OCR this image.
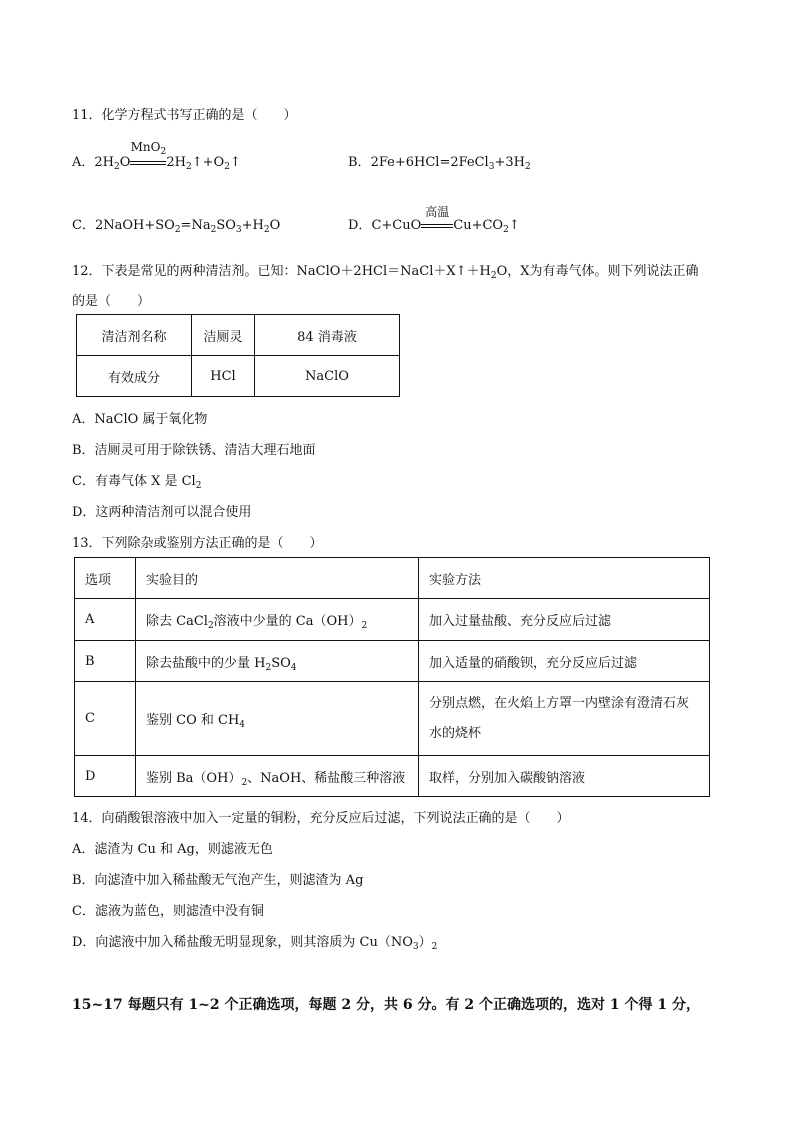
11．化学方程式书写正确的是（　　）
A．$2H_2O$
MnO$_2$
$2H_2↑+O_2↑$	B．$2Fe+6HCl=2FeCl_3+3H_2$
C．$2NaOH+SO_2=Na_2SO_3+H_2O$	D．C+CuO
高温
$Cu+CO_2↑$
12．下表是常见的两种清洁剂。已知：$NaClO+2HCl=NaCl+X↑+H_2O$，X为有毒气体。则下列说法正确
的是（　　）
清洁剂名称	洁厕灵	84 消毒液
有效成分	HCl	NaClO
A．NaClO 属于氧化物
B．洁厕灵可用于除铁锈、清洁大理石地面
C．有毒气体 X 是 $Cl_2$
D．这两种清洁剂可以混合使用
13．下列除杂或鉴别方法正确的是（　　）
选项	实验目的	实验方法
A	除去 CaCl$_2$溶液中少量的 $Ca(OH)_2$	加入过量盐酸、充分反应后过滤
B	除去盐酸中的少量 $H_2SO_4$	加入适量的硝酸钡，充分反应后过滤
C	鉴别 CO 和 $CH_4$	分别点燃，在火焰上方罩一内壁涂有澄清石灰
水的烧杯
D	鉴别 $Ba(OH)_2$、NaOH、稀盐酸三种溶液	取样，分别加入碳酸钠溶液
14．向硝酸银溶液中加入一定量的铜粉，充分反应后过滤，下列说法正确的是（　　）
A．滤渣为 Cu 和 Ag，则滤液无色
B．向滤渣中加入稀盐酸无气泡产生，则滤渣为 Ag
C．滤液为蓝色，则滤渣中没有铜
D．向滤液中加入稀盐酸无明显现象，则其溶质为 $Cu(NO_3)_2$
15~17 每题只有 1~2 个正确选项，每题 2 分，共 6 分。有 2 个正确选项的，选对 1 个得 1 分，
